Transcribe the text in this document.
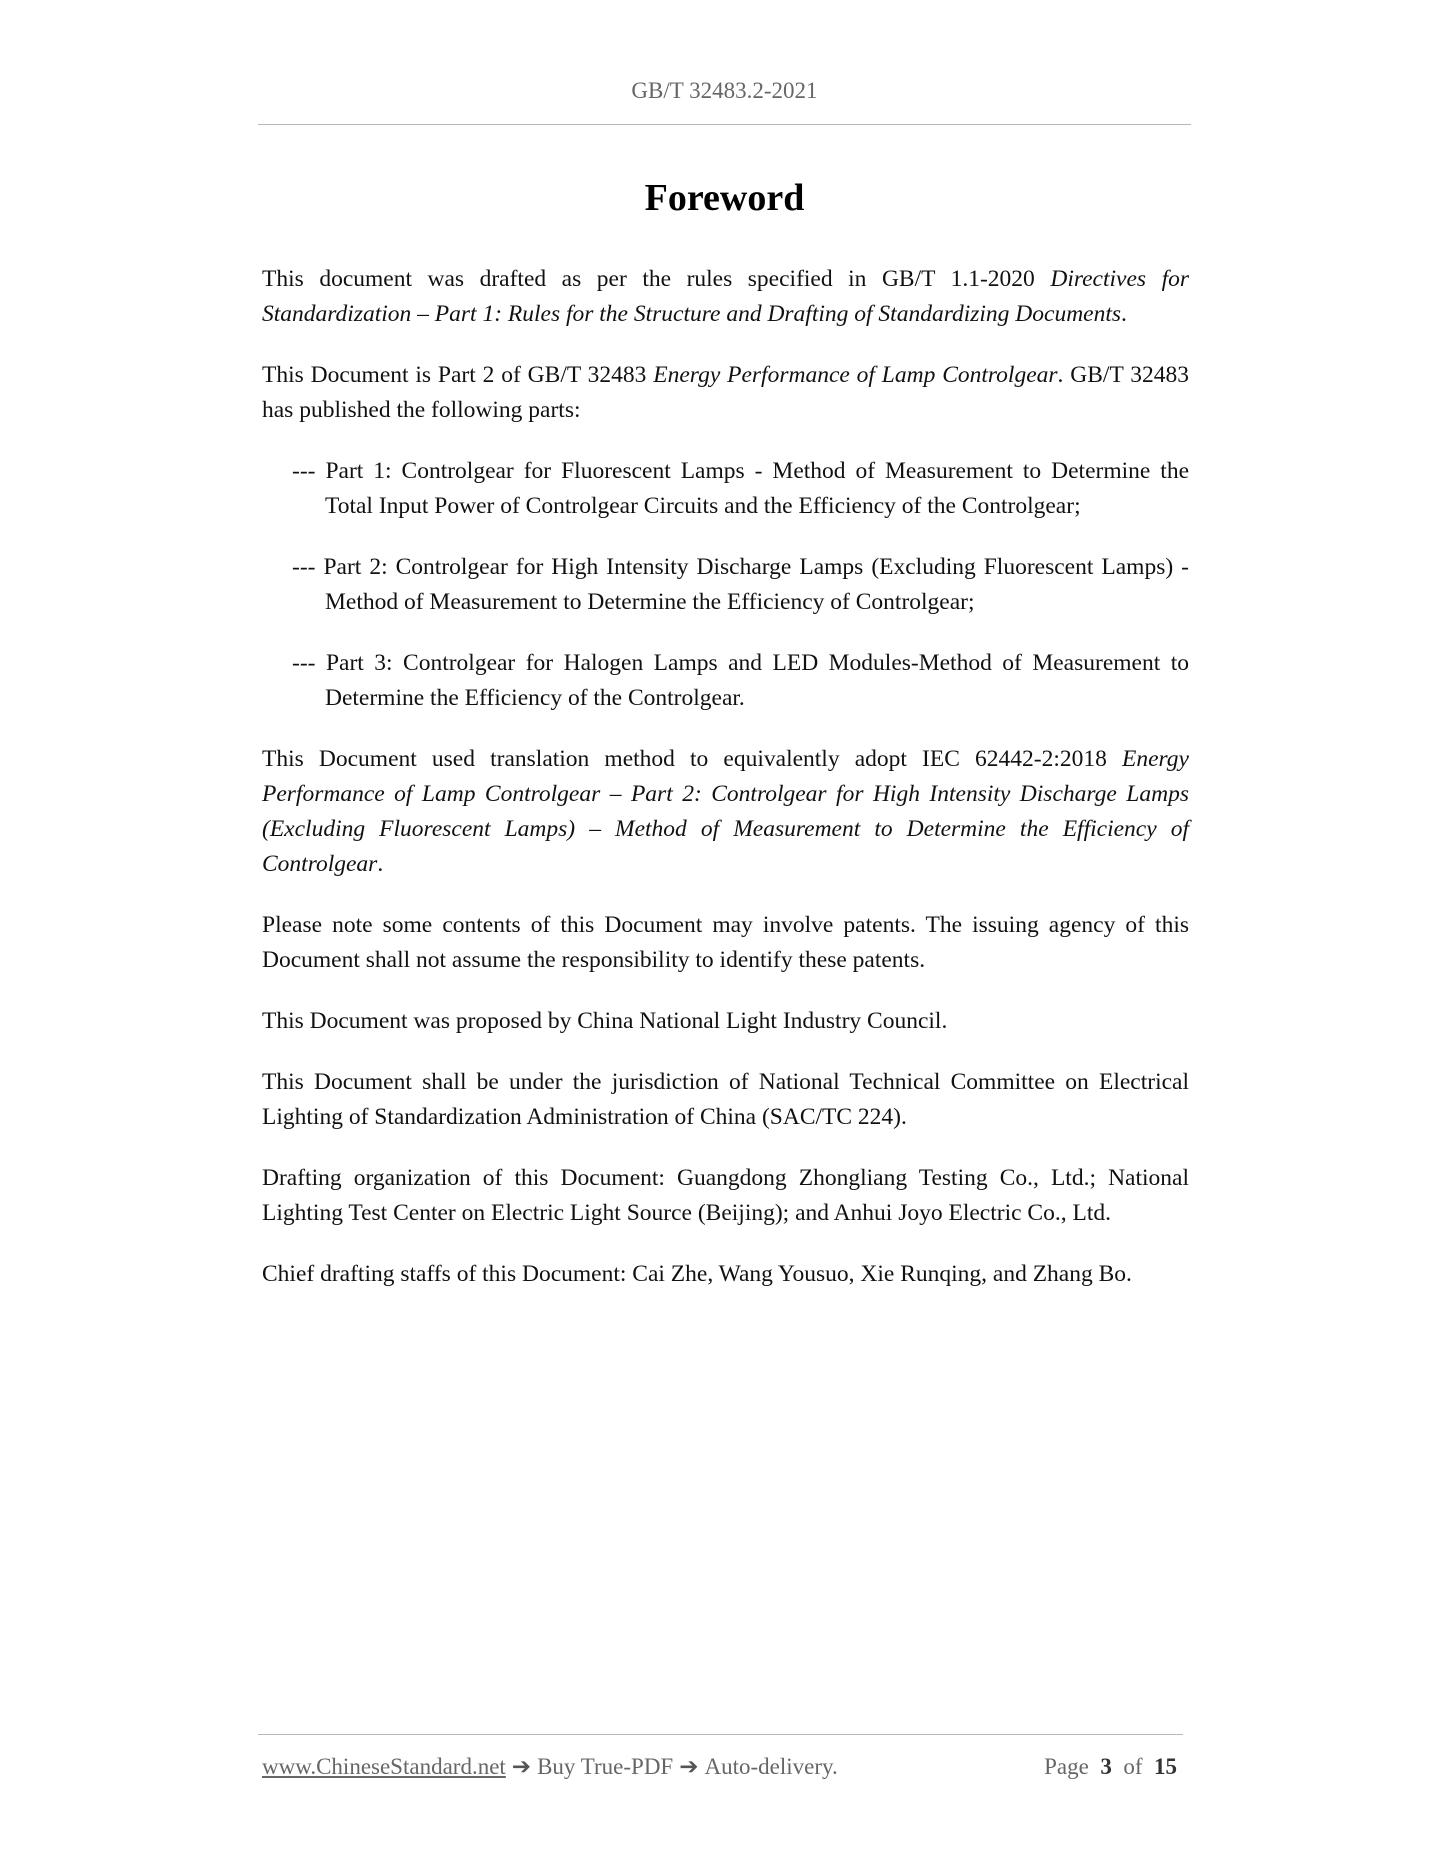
GB/T 32483.2-2021
Foreword

This document was drafted as per the rules specified in GB/T 1.1-2020 Directives for Standardization – Part 1: Rules for the Structure and Drafting of Standardizing Documents.

This Document is Part 2 of GB/T 32483 Energy Performance of Lamp Controlgear. GB/T 32483 has published the following parts:

--- Part 1: Controlgear for Fluorescent Lamps - Method of Measurement to Determine the Total Input Power of Controlgear Circuits and the Efficiency of the Controlgear;
--- Part 2: Controlgear for High Intensity Discharge Lamps (Excluding Fluorescent Lamps) -Method of Measurement to Determine the Efficiency of Controlgear;
--- Part 3: Controlgear for Halogen Lamps and LED Modules-Method of Measurement to Determine the Efficiency of the Controlgear.

This Document used translation method to equivalently adopt IEC 62442-2:2018 Energy Performance of Lamp Controlgear – Part 2: Controlgear for High Intensity Discharge Lamps (Excluding Fluorescent Lamps) – Method of Measurement to Determine the Efficiency of Controlgear.

Please note some contents of this Document may involve patents. The issuing agency of this Document shall not assume the responsibility to identify these patents.

This Document was proposed by China National Light Industry Council.

This Document shall be under the jurisdiction of National Technical Committee on Electrical Lighting of Standardization Administration of China (SAC/TC 224).

Drafting organization of this Document: Guangdong Zhongliang Testing Co., Ltd.; National Lighting Test Center on Electric Light Source (Beijing); and Anhui Joyo Electric Co., Ltd.

Chief drafting staffs of this Document: Cai Zhe, Wang Yousuo, Xie Runqing, and Zhang Bo.

www.ChineseStandard.net ➔ Buy True-PDF ➔ Auto-delivery.	Page 3 of 15
